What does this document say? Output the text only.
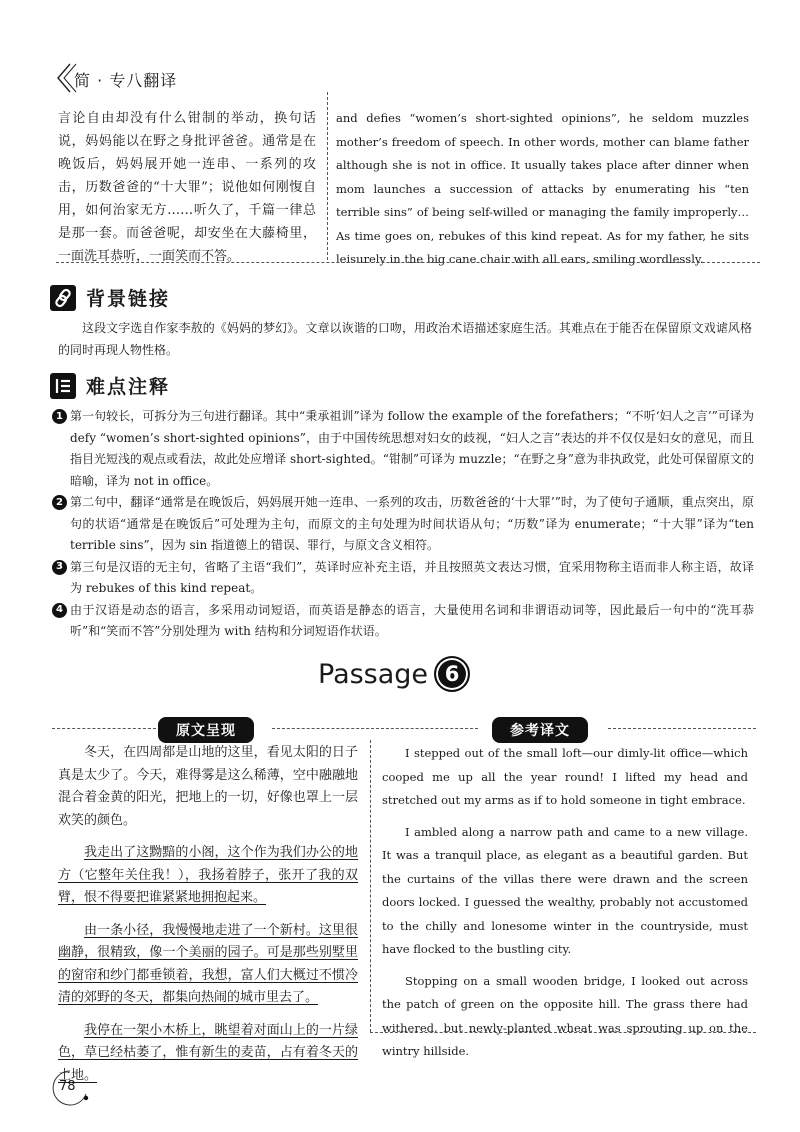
简 · 专八翻译
言论自由却没有什么钳制的举动，换句话说，妈妈能以在野之身批评爸爸。通常是在晚饭后，妈妈展开她一连串、一系列的攻击，历数爸爸的“十大罪”；说他如何刚愎自用，如何治家无方……听久了，千篇一律总是那一套。而爸爸呢，却安坐在大藤椅里，一面洗耳恭听，一面笑而不答。
and defies “women’s short-sighted opinions”, he seldom muzzles mother’s freedom of speech. In other words, mother can blame father although she is not in office. It usually takes place after dinner when mom launches a succession of attacks by enumerating his “ten terrible sins” of being self-willed or managing the family improperly… As time goes on, rebukes of this kind repeat. As for my father, he sits leisurely in the big cane chair with all ears, smiling wordlessly.
背景链接
这段文字选自作家李敖的《妈妈的梦幻》。文章以诙谐的口吻，用政治术语描述家庭生活。其难点在于能否在保留原文戏谑风格的同时再现人物性格。
难点注释
1 第一句较长，可拆分为三句进行翻译。其中“秉承祖训”译为 follow the example of the forefathers；“不听‘妇人之言’”可译为 defy “women’s short-sighted opinions”，由于中国传统思想对妇女的歧视，“妇人之言”表达的并不仅仅是妇女的意见，而且指目光短浅的观点或看法，故此处应增译 short-sighted。“钳制”可译为 muzzle；“在野之身”意为非执政党，此处可保留原文的暗喻，译为 not in office。
2 第二句中，翻译“通常是在晚饭后，妈妈展开她一连串、一系列的攻击，历数爸爸的‘十大罪’”时，为了使句子通顺，重点突出，原句的状语“通常是在晚饭后”可处理为主句，而原文的主句处理为时间状语从句；“历数”译为 enumerate；“十大罪”译为“ten terrible sins”，因为 sin 指道德上的错误、罪行，与原文含义相符。
3 第三句是汉语的无主句，省略了主语“我们”，英译时应补充主语，并且按照英文表达习惯，宜采用物称主语而非人称主语，故译为 rebukes of this kind repeat。
4 由于汉语是动态的语言，多采用动词短语，而英语是静态的语言，大量使用名词和非谓语动词等，因此最后一句中的“洗耳恭听”和“笑而不答”分别处理为 with 结构和分词短语作状语。
Passage 6
原文呈现	参考译文

冬天，在四周都是山地的这里，看见太阳的日子真是太少了。今天，难得雾是这么稀薄，空中融融地混合着金黄的阳光，把地上的一切，好像也罩上一层欢笑的颜色。

我走出了这黝黯的小阁，这个作为我们办公的地方（它整年关住我！），我扬着脖子，张开了我的双臂，恨不得要把谁紧紧地拥抱起来。

由一条小径，我慢慢地走进了一个新村。这里很幽静，很精致，像一个美丽的园子。可是那些别墅里的窗帘和纱门都垂锁着，我想，富人们大概过不惯冷清的郊野的冬天，都集向热闹的城市里去了。

我停在一架小木桥上，眺望着对面山上的一片绿色，草已经枯萎了，惟有新生的麦苗，占有着冬天的土地。

I stepped out of the small loft—our dimly-lit office—which cooped me up all the year round! I lifted my head and stretched out my arms as if to hold someone in tight embrace.

I ambled along a narrow path and came to a new village. It was a tranquil place, as elegant as a beautiful garden. But the curtains of the villas there were drawn and the screen doors locked. I guessed the wealthy, probably not accustomed to the chilly and lonesome winter in the countryside, must have flocked to the bustling city.

Stopping on a small wooden bridge, I looked out across the patch of green on the opposite hill. The grass there had withered, but newly-planted wheat was sprouting up on the wintry hillside.

78
